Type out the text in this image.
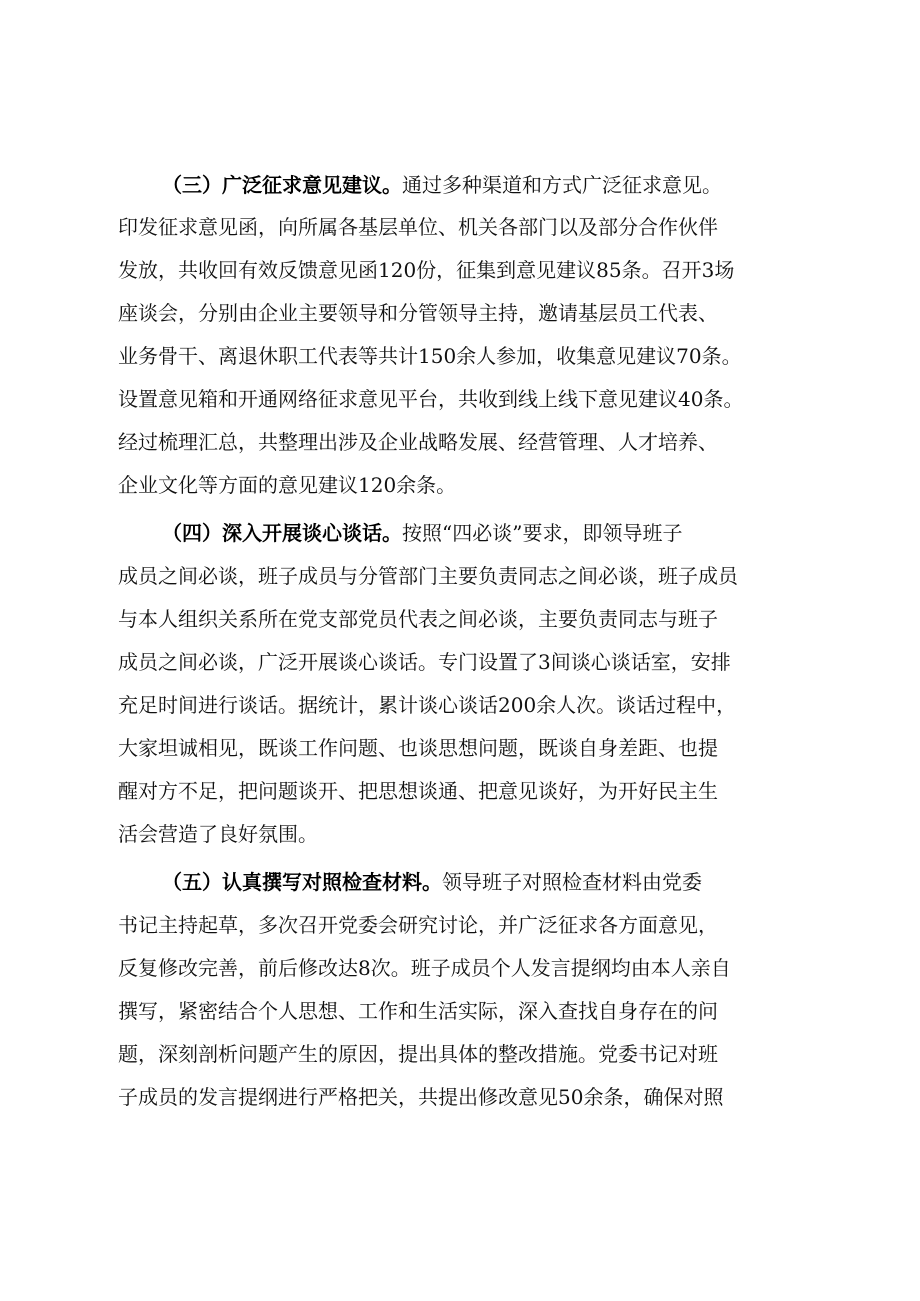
（三）广泛征求意见建议。通过多种渠道和方式广泛征求意见。
印发征求意见函，向所属各基层单位、机关各部门以及部分合作伙伴
发放，共收回有效反馈意见函120份，征集到意见建议85条。召开3场
座谈会，分别由企业主要领导和分管领导主持，邀请基层员工代表、
业务骨干、离退休职工代表等共计150余人参加，收集意见建议70条。
设置意见箱和开通网络征求意见平台，共收到线上线下意见建议40条。
经过梳理汇总，共整理出涉及企业战略发展、经营管理、人才培养、
企业文化等方面的意见建议120余条。
（四）深入开展谈心谈话。按照“四必谈”要求，即领导班子
成员之间必谈，班子成员与分管部门主要负责同志之间必谈，班子成员
与本人组织关系所在党支部党员代表之间必谈，主要负责同志与班子
成员之间必谈，广泛开展谈心谈话。专门设置了3间谈心谈话室，安排
充足时间进行谈话。据统计，累计谈心谈话200余人次。谈话过程中，
大家坦诚相见，既谈工作问题、也谈思想问题，既谈自身差距、也提
醒对方不足，把问题谈开、把思想谈通、把意见谈好，为开好民主生
活会营造了良好氛围。
（五）认真撰写对照检查材料。领导班子对照检查材料由党委
书记主持起草，多次召开党委会研究讨论，并广泛征求各方面意见，
反复修改完善，前后修改达8次。班子成员个人发言提纲均由本人亲自
撰写，紧密结合个人思想、工作和生活实际，深入查找自身存在的问
题，深刻剖析问题产生的原因，提出具体的整改措施。党委书记对班
子成员的发言提纲进行严格把关，共提出修改意见50余条，确保对照
